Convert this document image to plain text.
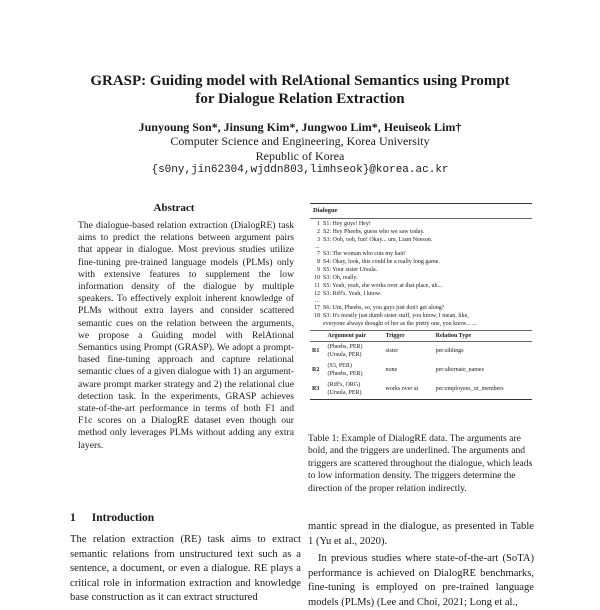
GRASP: Guiding model with RelAtional Semantics using Prompt
for Dialogue Relation Extraction
Junyoung Son*, Jinsung Kim*, Jungwoo Lim*, Heuiseok Lim†
Computer Science and Engineering, Korea University
Republic of Korea
{s0ny,jin62304,wjddn803,limhseok}@korea.ac.kr
Abstract
The dialogue-based relation extraction (DialogRE) task aims to predict the relations between argument pairs that appear in dialogue. Most previous studies utilize fine-tuning pre-trained language models (PLMs) only with extensive features to supplement the low information density of the dialogue by multiple speakers. To effectively exploit inherent knowledge of PLMs without extra layers and consider scattered semantic cues on the relation between the arguments, we propose a Guiding model with RelAtional Semantics using Prompt (GRASP). We adopt a prompt-based fine-tuning approach and capture relational semantic clues of a given dialogue with 1) an argument-aware prompt marker strategy and 2) the relational clue detection task. In the experiments, GRASP achieves state-of-the-art performance in terms of both F1 and F1c scores on a DialogRE dataset even though our method only leverages PLMs without adding any extra layers.
1 Introduction
The relation extraction (RE) task aims to extract semantic relations from unstructured text such as a sentence, a document, or even a dialogue. RE plays a critical role in information extraction and knowledge base construction as it can extract structured
Dialogue
1 S1: Hey guys! Hey!
2 S2: Hey Pheebs, guess who we saw today.
3 S3: Ooh, ooh, fun! Okay... um, Liam Neeson.
...
7 S3: The woman who cuts my hair!
8 S4: Okay, look, this could be a really long game.
9 S5: Your sister Ursula.
10 S3: Oh, really.
11 S5: Yeah, yeah, she works over at that place, uh...
12 S3: Riff's. Yeah, I know.
...
17 S6: Um, Pheebs, so, you guys just don't get along?
18 S3: It's mostly just dumb sister stuff, you know, I mean, like,
everyone always thought of her as the pretty one, you know... ...
	Argument pair	Trigger	Relation Type

R1	(Pheebs, PER)
(Ursula, PER)	sister	per:siblings

R2	(S3, PER)
(Pheebs, PER)	none	per:alternate_names

R3	(Riff's, ORG)
(Ursula, PER)	works over at	per:employees_or_members
Table 1: Example of DialogRE data. The arguments are bold, and the triggers are underlined. The arguments and triggers are scattered throughout the dialogue, which leads to low information density. The triggers determine the direction of the proper relation indirectly.
mantic spread in the dialogue, as presented in Table 1 (Yu et al., 2020).
In previous studies where state-of-the-art (SoTA) performance is achieved on DialogRE benchmarks, fine-tuning is employed on pre-trained language models (PLMs) (Lee and Choi, 2021; Long et al.,
